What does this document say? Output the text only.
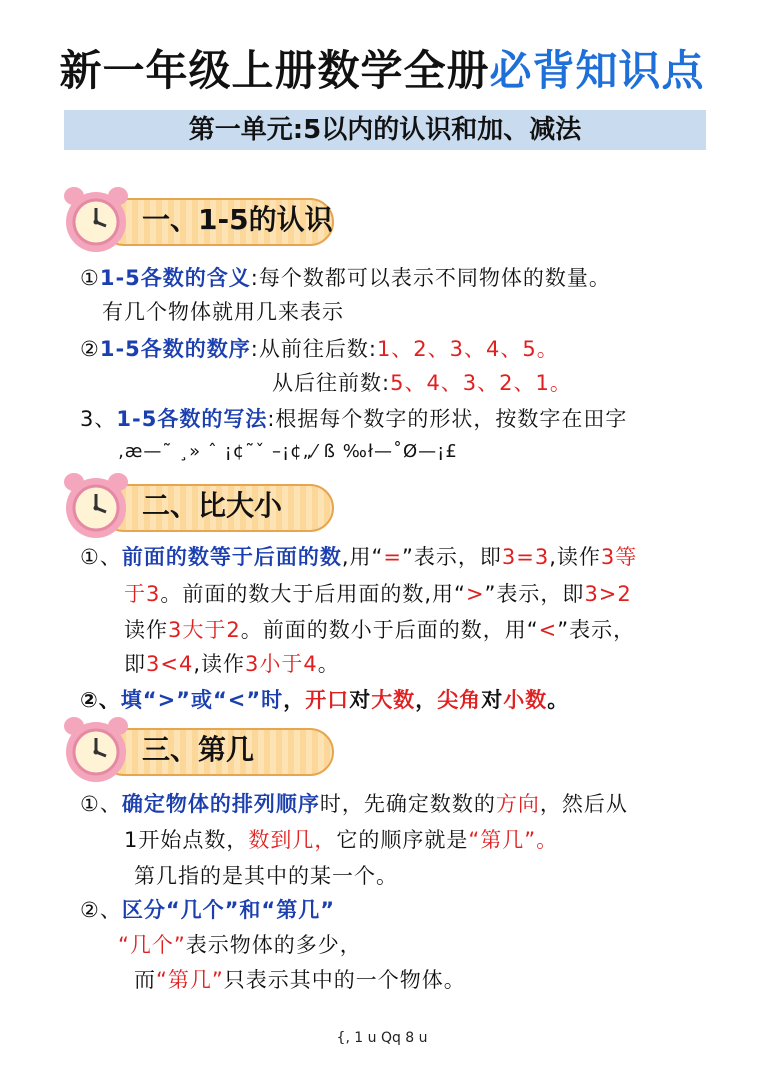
新一年级上册数学全册必背知识点
第一单元:5以内的认识和加、减法
一、1-5的认识
①1-5各数的含义:每个数都可以表示不同物体的数量。
有几个物体就用几来表示
②1-5各数的数序:从前往后数:1、2、3、4、5。
从后往前数:5、4、3、2、1。
3、1-5各数的写法:根据每个数字的形状，按数字在田字
‚æ—˜ ¸» ˆ ¡¢˜ˇ –¡¢„⁄ ß ‰ł—˚Ø—¡£
二、比大小
①、前面的数等于后面的数,用“=”表示，即3=3,读作3等
于3。前面的数大于后用面的数,用“>”表示，即3>2
读作3大于2。前面的数小于后面的数，用“<”表示，
即3<4,读作3小于4。
②、填“>”或“<”时，开口对大数，尖角对小数。
三、第几
①、确定物体的排列顺序时，先确定数数的方向，然后从
1开始点数，数到几，它的顺序就是“第几”。
第几指的是其中的某一个。
②、区分“几个”和“第几”
“几个”表示物体的多少，
而“第几”只表示其中的一个物体。
{‚ 1 u Qq 8 u
